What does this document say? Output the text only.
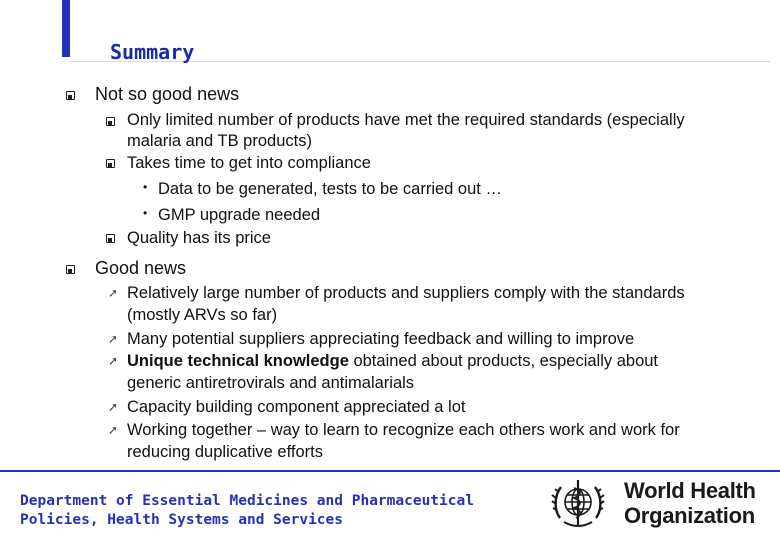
Summary
Not so good news
Only limited number of products have met the required standards (especially
malaria and TB products)
Takes time to get into compliance
• Data to be generated, tests to be carried out …
• GMP upgrade needed
Quality has its price
Good news
➚ Relatively large number of products and suppliers comply with the standards
(mostly ARVs so far)
➚ Many potential suppliers appreciating feedback and willing to improve
➚ Unique technical knowledge obtained about products, especially about
generic antiretrovirals and antimalarials
➚ Capacity building component appreciated a lot
➚ Working together – way to learn to recognize each others work and work for
reducing duplicative efforts
Department of Essential Medicines and Pharmaceutical
Policies, Health Systems and Services
World Health
Organization
